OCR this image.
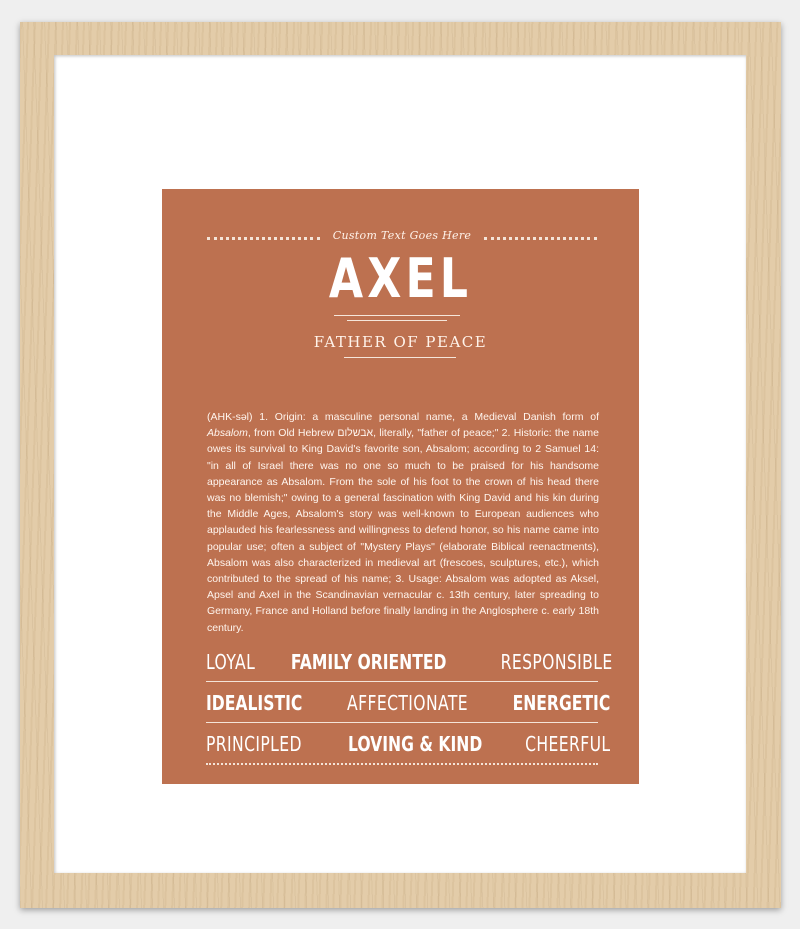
Custom Text Goes Here
AXEL
FATHER OF PEACE
(AHK-səl) 1. Origin: a masculine personal name, a Medieval Danish form of Absalom, from Old Hebrew אבשלום, literally, "father of peace;" 2. Historic: the name owes its survival to King David's favorite son, Absalom; according to 2 Samuel 14: "in all of Israel there was no one so much to be praised for his handsome appearance as Absalom. From the sole of his foot to the crown of his head there was no blemish;" owing to a general fascination with King David and his kin during the Middle Ages, Absalom's story was well-known to European audiences who applauded his fearlessness and willingness to defend honor, so his name came into popular use; often a subject of "Mystery Plays" (elaborate Biblical reenactments), Absalom was also characterized in medieval art (frescoes, sculptures, etc.), which contributed to the spread of his name; 3. Usage: Absalom was adopted as Aksel, Apsel and Axel in the Scandinavian vernacular c. 13th century, later spreading to Germany, France and Holland before finally landing in the Anglosphere c. early 18th century.
LOYAL FAMILY ORIENTED	RESPONSIBLE
IDEALISTIC AFFECTIONATE ENERGETIC
PRINCIPLED LOVING & KIND CHEERFUL
